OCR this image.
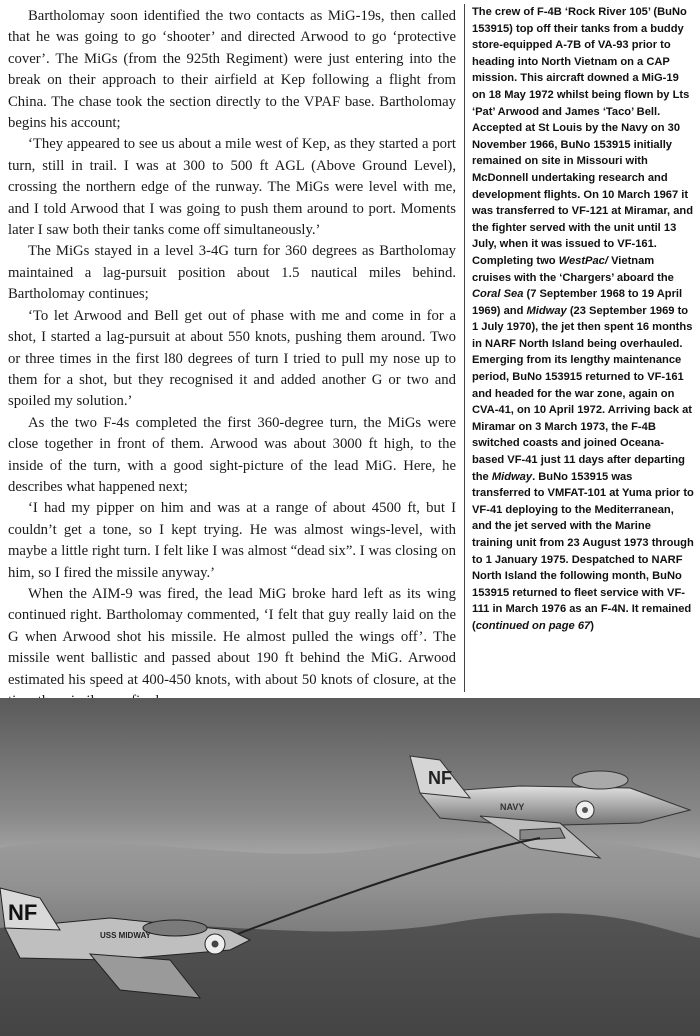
Bartholomay soon identified the two contacts as MiG-19s, then called that he was going to go ‘shooter’ and directed Arwood to go ‘protective cover’. The MiGs (from the 925th Regiment) were just entering into the break on their approach to their airfield at Kep following a flight from China. The chase took the section directly to the VPAF base. Bartholomay begins his account;

‘They appeared to see us about a mile west of Kep, as they started a port turn, still in trail. I was at 300 to 500 ft AGL (Above Ground Level), crossing the northern edge of the runway. The MiGs were level with me, and I told Arwood that I was going to push them around to port. Moments later I saw both their tanks come off simultaneously.’

The MiGs stayed in a level 3-4G turn for 360 degrees as Bartholomay maintained a lag-pursuit position about 1.5 nautical miles behind. Bartholomay continues;

‘To let Arwood and Bell get out of phase with me and come in for a shot, I started a lag-pursuit at about 550 knots, pushing them around. Two or three times in the first l80 degrees of turn I tried to pull my nose up to them for a shot, but they recognised it and added another G or two and spoiled my solution.’

As the two F-4s completed the first 360-degree turn, the MiGs were close together in front of them. Arwood was about 3000 ft high, to the inside of the turn, with a good sight-picture of the lead MiG. Here, he describes what happened next;

‘I had my pipper on him and was at a range of about 4500 ft, but I couldn’t get a tone, so I kept trying. He was almost wings-level, with maybe a little right turn. I felt like I was almost “dead six”. I was closing on him, so I fired the missile anyway.’

When the AIM-9 was fired, the lead MiG broke hard left as its wing continued right. Bartholomay commented, ‘I felt that guy really laid on the G when Arwood shot his missile. He almost pulled the wings off’. The missile went ballistic and passed about 190 ft behind the MiG. Arwood estimated his speed at 400-450 knots, with about 50 knots of closure, at the

The crew of F-4B ‘Rock River 105’ (BuNo 153915) top off their tanks from a buddy store-equipped A-7B of VA-93 prior to heading into North Vietnam on a CAP mission. This aircraft downed a MiG-19 on 18 May 1972 whilst being flown by Lts ‘Pat’ Arwood and James ‘Taco’ Bell. Accepted at St Louis by the Navy on 30 November 1966, BuNo 153915 initially remained on site in Missouri with McDonnell undertaking research and development flights. On 10 March 1967 it was transferred to VF-121 at Miramar, and the fighter served with the unit until 13 July, when it was issued to VF-161. Completing two WestPac/ Vietnam cruises with the ‘Chargers’ aboard the Coral Sea (7 September 1968 to 19 April 1969) and Midway (23 September 1969 to 1 July 1970), the jet then spent 16 months in NARF North Island being overhauled. Emerging from its lengthy maintenance period, BuNo 153915 returned to VF-161 and headed for the war zone, again on CVA-41, on 10 April 1972. Arriving back at Miramar on 3 March 1973, the F-4B switched coasts and joined Oceana-based VF-41 just 11 days after departing the Midway. BuNo 153915 was transferred to VMFAT-101 at Yuma prior to VF-41 deploying to the Mediterranean, and the jet served with the Marine training unit from 23 August 1973 through to 1 January 1975. Despatched to NARF North Island the following month, BuNo 153915 returned to fleet service with VF-111 in March 1976 as an F-4N. It remained (continued on page 67)
NF
NAVY
NF
USS MIDWAY
